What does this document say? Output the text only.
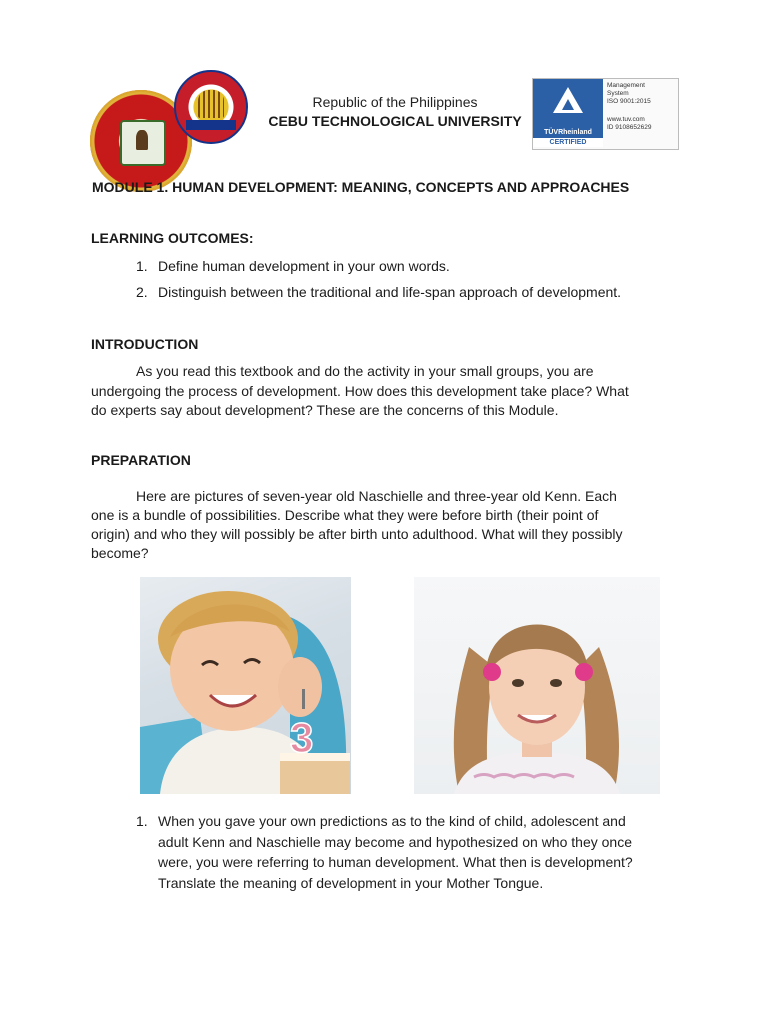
Republic of the Philippines
CEBU TECHNOLOGICAL UNIVERSITY
TÜVRheinland
CERTIFIED
Management
System
ISO 9001:2015
www.tuv.com
ID 9108652629
MODULE 1. HUMAN DEVELOPMENT: MEANING, CONCEPTS AND APPROACHES
LEARNING OUTCOMES:
1. Define human development in your own words.
2. Distinguish between the traditional and life-span approach of development.
INTRODUCTION
As you read this textbook and do the activity in your small groups, you are
undergoing the process of development. How does this development take place? What
do experts say about development? These are the concerns of this Module.
PREPARATION
Here are pictures of seven-year old Naschielle and three-year old Kenn. Each
one is a bundle of possibilities. Describe what they were before birth (their point of
origin) and who they will possibly be after birth unto adulthood. What will they possibly
become?
3
1. When you gave your own predictions as to the kind of child, adolescent and
adult Kenn and Naschielle may become and hypothesized on who they once
were, you were referring to human development. What then is development?
Translate the meaning of development in your Mother Tongue.
